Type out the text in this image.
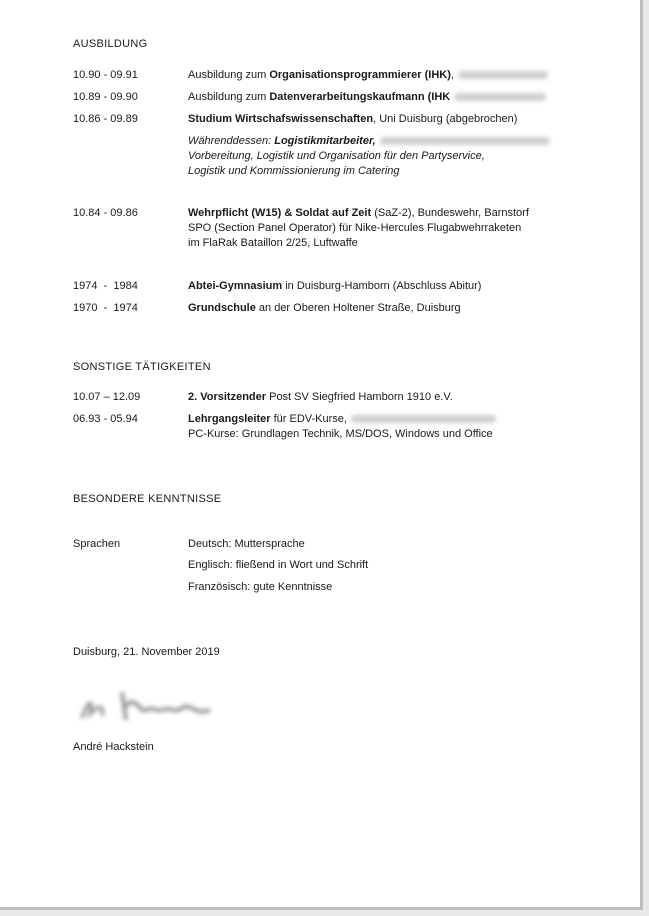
AUSBILDUNG
10.90 - 09.91	Ausbildung zum Organisationsprogrammierer (IHK),
10.89 - 09.90	Ausbildung zum Datenverarbeitungskaufmann (IHK
10.86 - 09.89	Studium Wirtschafswissenschaften, Uni Duisburg (abgebrochen)
Währenddessen: Logistikmitarbeiter,
Vorbereitung, Logistik und Organisation für den Partyservice,
Logistik und Kommissionierung im Catering
10.84 - 09.86	Wehrpflicht (W15) & Soldat auf Zeit (SaZ-2), Bundeswehr, Barnstorf
SPO (Section Panel Operator) für Nike-Hercules Flugabwehrraketen
im FlaRak Bataillon 2/25, Luftwaffe
1974  -  1984	Abtei-Gymnasium in Duisburg-Hamborn (Abschluss Abitur)
1970  -  1974	Grundschule an der Oberen Holtener Straße, Duisburg
SONSTIGE TÄTIGKEITEN
10.07 – 12.09	2. Vorsitzender Post SV Siegfried Hamborn 1910 e.V.
06.93 - 05.94	Lehrgangsleiter für EDV-Kurse,
PC-Kurse: Grundlagen Technik, MS/DOS, Windows und Office
BESONDERE KENNTNISSE
Sprachen	Deutsch: Muttersprache
Englisch: fließend in Wort und Schrift
Französisch: gute Kenntnisse
Duisburg, 21. November 2019
André Hackstein
